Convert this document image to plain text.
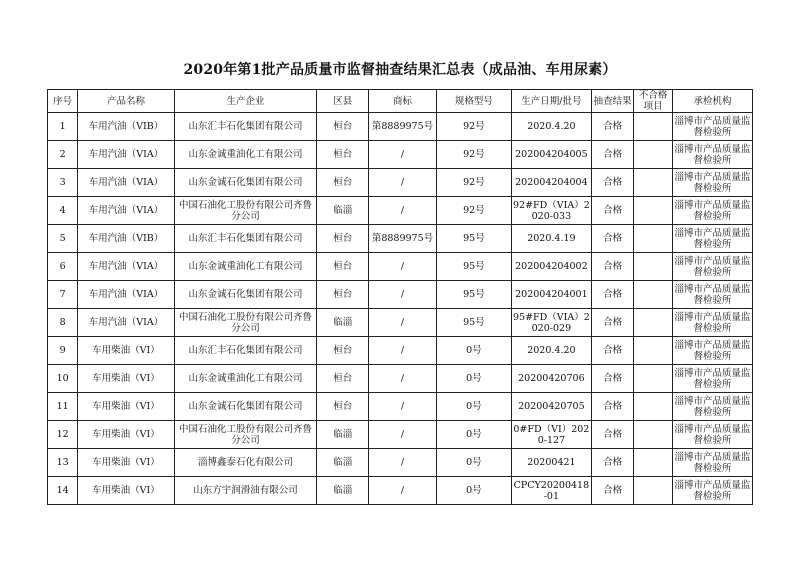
2020年第1批产品质量市监督抽查结果汇总表（成品油、车用尿素）
序号	产品名称	生产企业	区县	商标	规格型号	生产日期/批号	抽查结果	不合格项目	承检机构
1	车用汽油（VIB）	山东汇丰石化集团有限公司	桓台	第8889975号	92号	2020.4.20	合格		淄博市产品质量监督检验所
2	车用汽油（VIA）	山东金诚重油化工有限公司	桓台	/	92号	202004204005	合格		淄博市产品质量监督检验所
3	车用汽油（VIA）	山东金诚石化集团有限公司	桓台	/	92号	202004204004	合格		淄博市产品质量监督检验所
4	车用汽油（VIA）	中国石油化工股份有限公司齐鲁分公司	临淄	/	92号	92#FD（VIA）2020-033	合格		淄博市产品质量监督检验所
5	车用汽油（VIB）	山东汇丰石化集团有限公司	桓台	第8889975号	95号	2020.4.19	合格		淄博市产品质量监督检验所
6	车用汽油（VIA）	山东金诚重油化工有限公司	桓台	/	95号	202004204002	合格		淄博市产品质量监督检验所
7	车用汽油（VIA）	山东金诚石化集团有限公司	桓台	/	95号	202004204001	合格		淄博市产品质量监督检验所
8	车用汽油（VIA）	中国石油化工股份有限公司齐鲁分公司	临淄	/	95号	95#FD（VIA）2020-029	合格		淄博市产品质量监督检验所
9	车用柴油（VI）	山东汇丰石化集团有限公司	桓台	/	0号	2020.4.20	合格		淄博市产品质量监督检验所
10	车用柴油（VI）	山东金诚重油化工有限公司	桓台	/	0号	20200420706	合格		淄博市产品质量监督检验所
11	车用柴油（VI）	山东金诚石化集团有限公司	桓台	/	0号	20200420705	合格		淄博市产品质量监督检验所
12	车用柴油（VI）	中国石油化工股份有限公司齐鲁分公司	临淄	/	0号	0#FD（VI）2020-127	合格		淄博市产品质量监督检验所
13	车用柴油（VI）	淄博鑫泰石化有限公司	临淄	/	0号	20200421	合格		淄博市产品质量监督检验所
14	车用柴油（VI）	山东方宇润滑油有限公司	临淄	/	0号	CPCY20200418-01	合格		淄博市产品质量监督检验所
